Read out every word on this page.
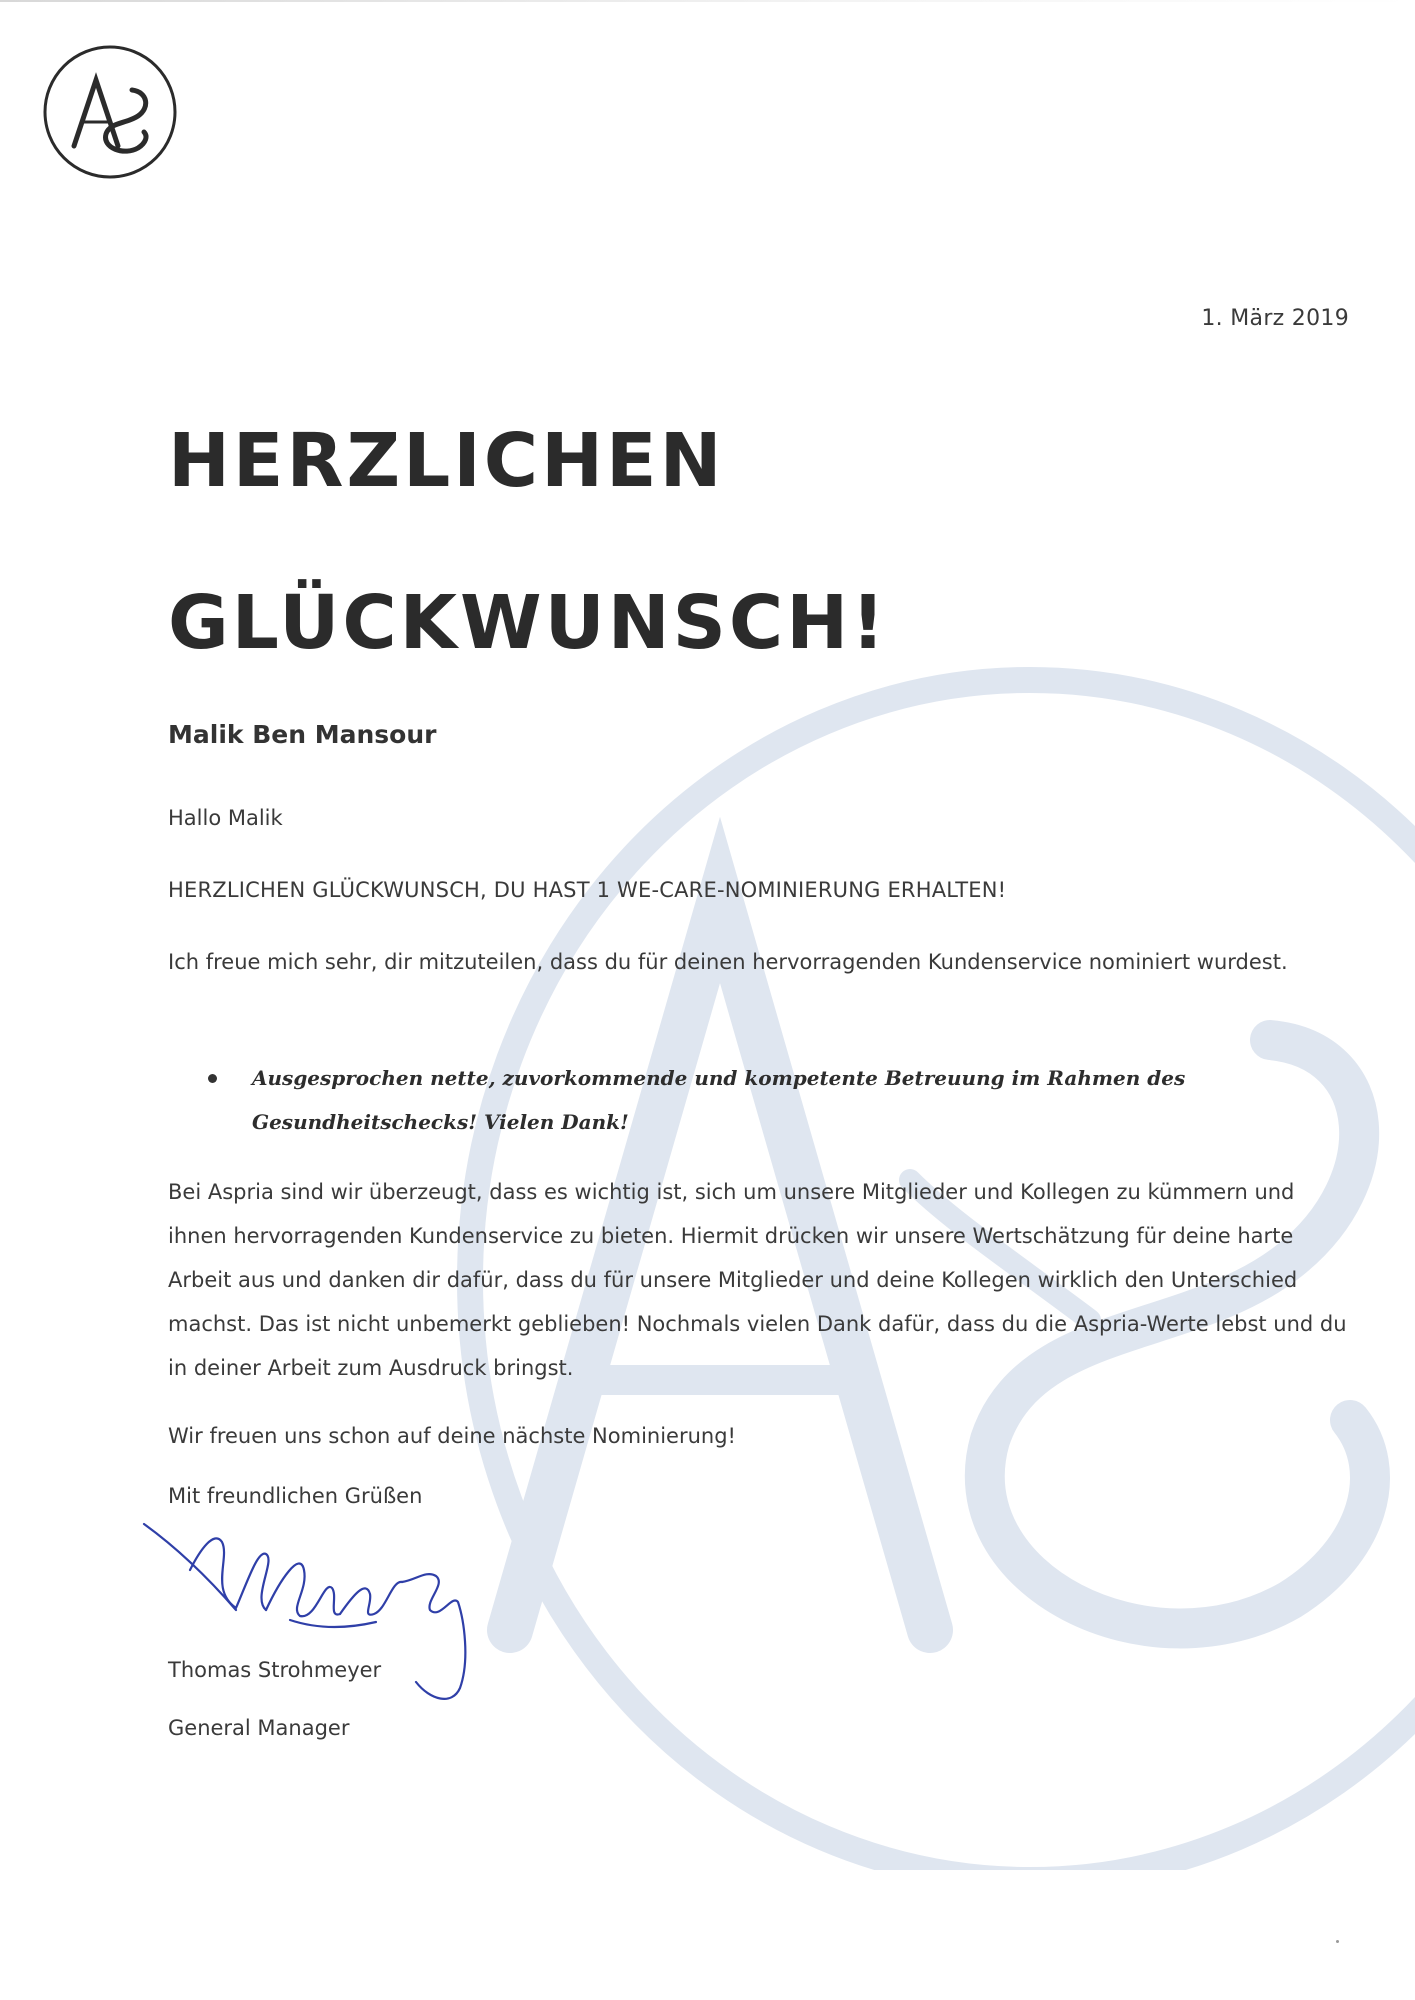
1. März 2019
HERZLICHEN
GLÜCKWUNSCH!
Malik Ben Mansour

Hallo Malik

HERZLICHEN GLÜCKWUNSCH, DU HAST 1 WE-CARE-NOMINIERUNG ERHALTEN!

Ich freue mich sehr, dir mitzuteilen, dass du für deinen hervorragenden Kundenservice nominiert wurdest.

Ausgesprochen nette, zuvorkommende und kompetente Betreuung im Rahmen des Gesundheitschecks! Vielen Dank!

Bei Aspria sind wir überzeugt, dass es wichtig ist, sich um unsere Mitglieder und Kollegen zu kümmern und ihnen hervorragenden Kundenservice zu bieten. Hiermit drücken wir unsere Wertschätzung für deine harte Arbeit aus und danken dir dafür, dass du für unsere Mitglieder und deine Kollegen wirklich den Unterschied machst. Das ist nicht unbemerkt geblieben! Nochmals vielen Dank dafür, dass du die Aspria-Werte lebst und du in deiner Arbeit zum Ausdruck bringst.

Wir freuen uns schon auf deine nächste Nominierung!

Mit freundlichen Grüßen

Thomas Strohmeyer

General Manager
